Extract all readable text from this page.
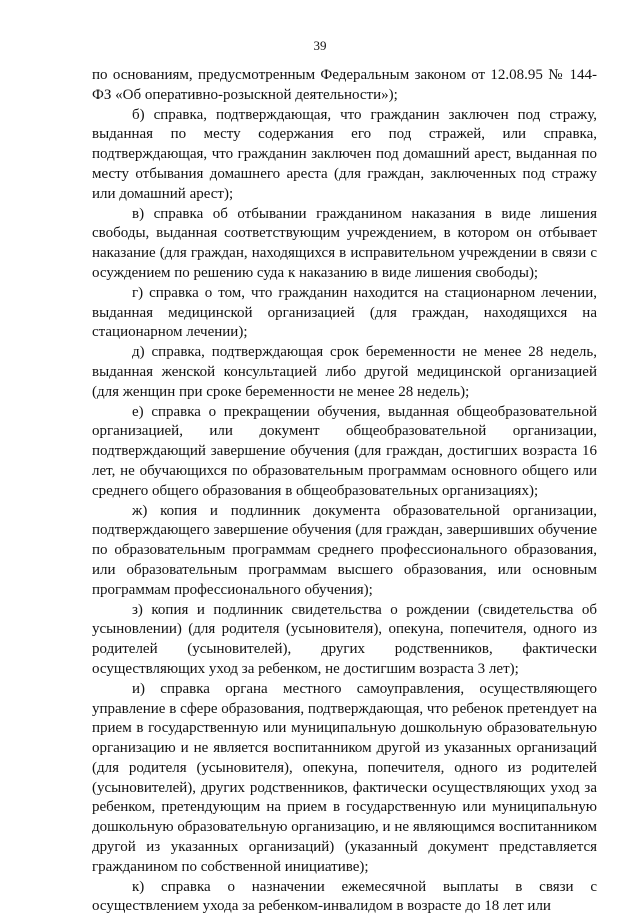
39

по основаниям, предусмотренным Федеральным законом от 12.08.95 № 144-ФЗ «Об оперативно-розыскной деятельности»);

б) справка, подтверждающая, что гражданин заключен под стражу, выданная по месту содержания его под стражей, или справка, подтверждающая, что гражданин заключен под домашний арест, выданная по месту отбывания домашнего ареста (для граждан, заключенных под стражу или домашний арест);

в) справка об отбывании гражданином наказания в виде лишения свободы, выданная соответствующим учреждением, в котором он отбывает наказание (для граждан, находящихся в исправительном учреждении в связи с осуждением по решению суда к наказанию в виде лишения свободы);

г) справка о том, что гражданин находится на стационарном лечении, выданная медицинской организацией (для граждан, находящихся на стационарном лечении);

д) справка, подтверждающая срок беременности не менее 28 недель, выданная женской консультацией либо другой медицинской организацией (для женщин при сроке беременности не менее 28 недель);

е) справка о прекращении обучения, выданная общеобразовательной организацией, или документ общеобразовательной организации, подтверждающий завершение обучения (для граждан, достигших возраста 16 лет, не обучающихся по образовательным программам основного общего или среднего общего образования в общеобразовательных организациях);

ж) копия и подлинник документа образовательной организации, подтверждающего завершение обучения (для граждан, завершивших обучение по образовательным программам среднего профессионального образования, или образовательным программам высшего образования, или основным программам профессионального обучения);

з) копия и подлинник свидетельства о рождении (свидетельства об усыновлении) (для родителя (усыновителя), опекуна, попечителя, одного из родителей (усыновителей), других родственников, фактически осуществляющих уход за ребенком, не достигшим возраста 3 лет);

и) справка органа местного самоуправления, осуществляющего управление в сфере образования, подтверждающая, что ребенок претендует на прием в государственную или муниципальную дошкольную образовательную организацию и не является воспитанником другой из указанных организаций (для родителя (усыновителя), опекуна, попечителя, одного из родителей (усыновителей), других родственников, фактически осуществляющих уход за ребенком, претендующим на прием в государственную или муниципальную дошкольную образовательную организацию, и не являющимся воспитанником другой из указанных организаций) (указанный документ представляется гражданином по собственной инициативе);

к) справка о назначении ежемесячной выплаты в связи с осуществлением ухода за ребенком-инвалидом в возрасте до 18 лет или
